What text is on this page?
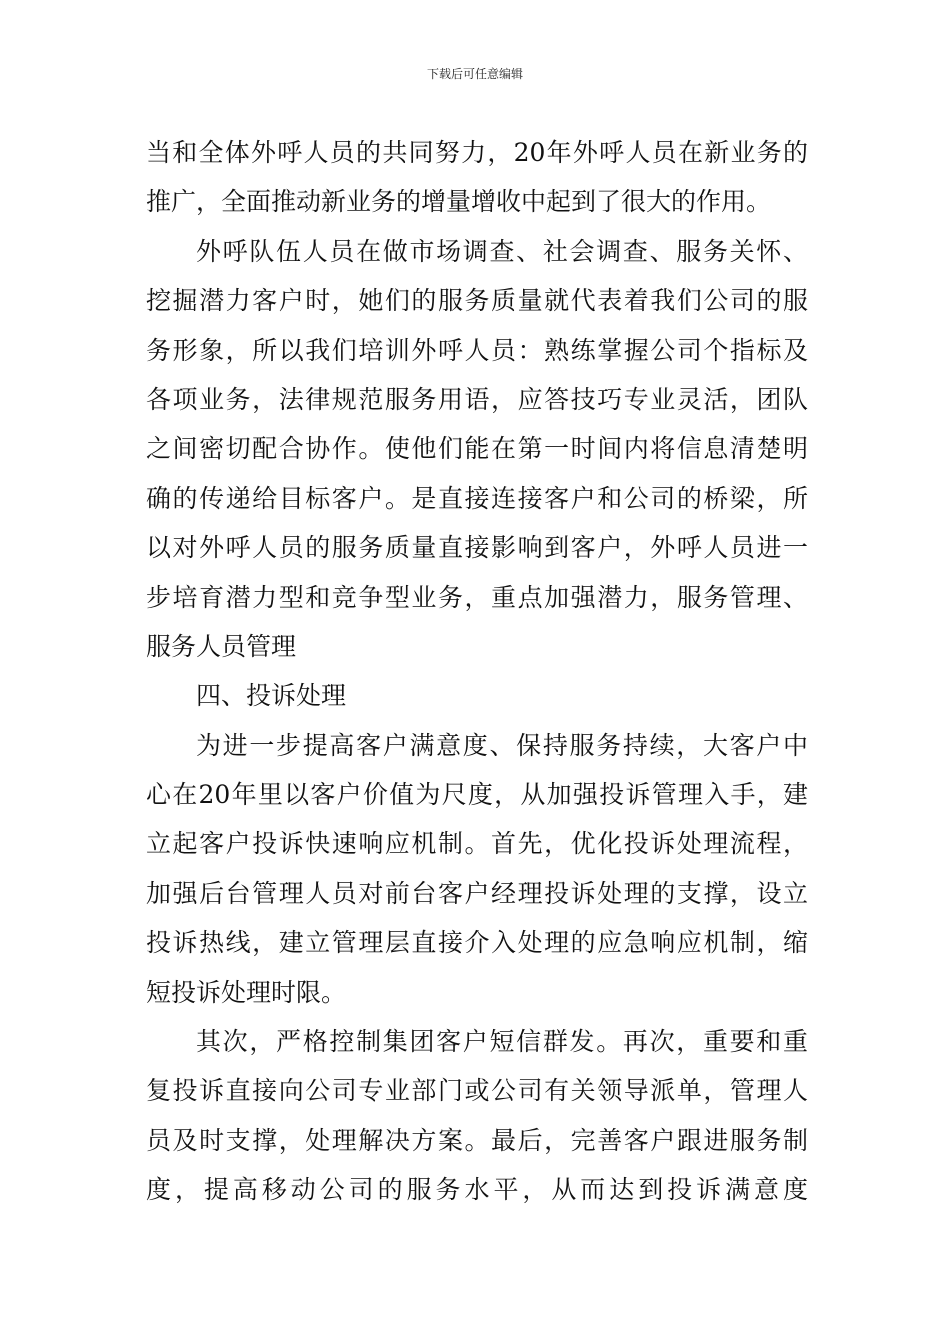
下载后可任意编辑
当和全体外呼人员的共同努力，20年外呼人员在新业务的
推广，全面推动新业务的增量增收中起到了很大的作用。
外呼队伍人员在做市场调查、社会调查、服务关怀、
挖掘潜力客户时，她们的服务质量就代表着我们公司的服
务形象，所以我们培训外呼人员：熟练掌握公司个指标及
各项业务，法律规范服务用语，应答技巧专业灵活，团队
之间密切配合协作。使他们能在第一时间内将信息清楚明
确的传递给目标客户。是直接连接客户和公司的桥梁，所
以对外呼人员的服务质量直接影响到客户，外呼人员进一
步培育潜力型和竞争型业务，重点加强潜力，服务管理、
服务人员管理
四、投诉处理
为进一步提高客户满意度、保持服务持续，大客户中
心在20年里以客户价值为尺度，从加强投诉管理入手，建
立起客户投诉快速响应机制。首先，优化投诉处理流程，
加强后台管理人员对前台客户经理投诉处理的支撑，设立
投诉热线，建立管理层直接介入处理的应急响应机制，缩
短投诉处理时限。
其次，严格控制集团客户短信群发。再次，重要和重
复投诉直接向公司专业部门或公司有关领导派单，管理人
员及时支撑，处理解决方案。最后，完善客户跟进服务制
度，提高移动公司的服务水平，从而达到投诉满意度
